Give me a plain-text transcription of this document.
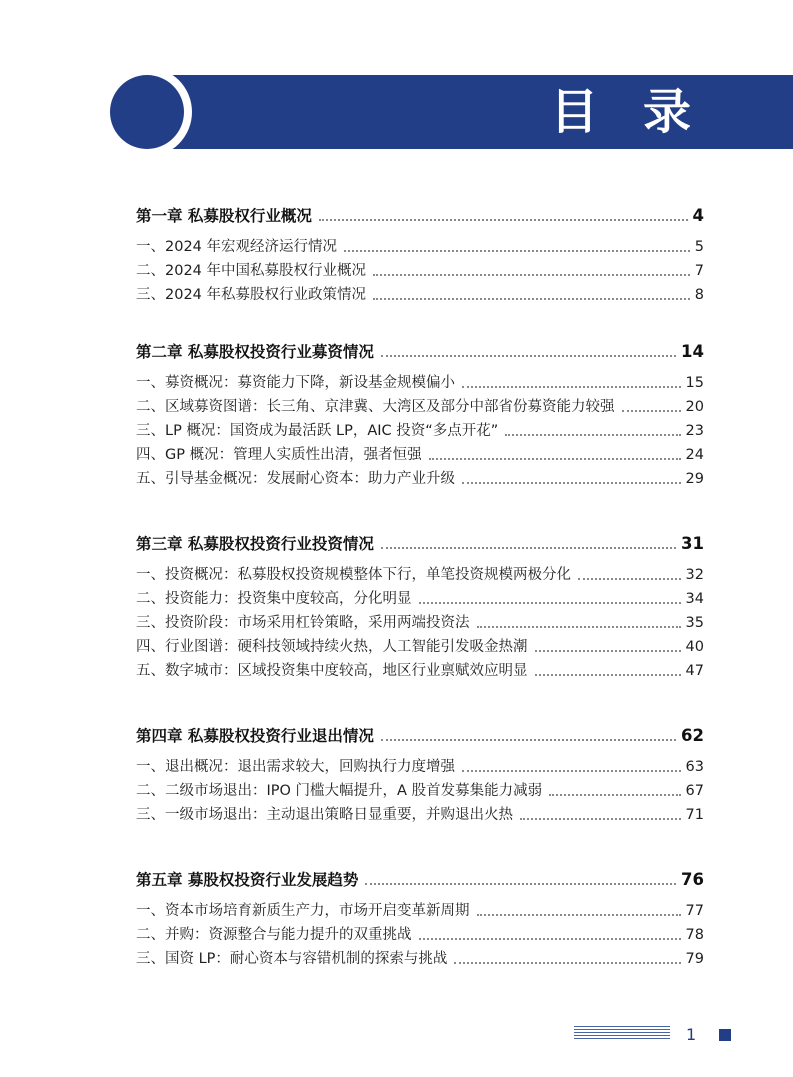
目 录
第一章 私募股权行业概况	4
一、2024 年宏观经济运行情况	5
二、2024 年中国私募股权行业概况	7
三、2024 年私募股权行业政策情况	8
第二章 私募股权投资行业募资情况	14
一、募资概况：募资能力下降，新设基金规模偏小	15
二、区域募资图谱：长三角、京津冀、大湾区及部分中部省份募资能力较强	20
三、LP 概况：国资成为最活跃 LP，AIC 投资“多点开花”	23
四、GP 概况：管理人实质性出清，强者恒强	24
五、引导基金概况：发展耐心资本：助力产业升级	29
第三章 私募股权投资行业投资情况	31
一、投资概况：私募股权投资规模整体下行，单笔投资规模两极分化	32
二、投资能力：投资集中度较高，分化明显	34
三、投资阶段：市场采用杠铃策略，采用两端投资法	35
四、行业图谱：硬科技领域持续火热，人工智能引发吸金热潮	40
五、数字城市：区域投资集中度较高，地区行业禀赋效应明显	47
第四章 私募股权投资行业退出情况	62
一、退出概况：退出需求较大，回购执行力度增强	63
二、二级市场退出：IPO 门槛大幅提升，A 股首发募集能力减弱	67
三、一级市场退出：主动退出策略日显重要，并购退出火热	71
第五章 募股权投资行业发展趋势	76
一、资本市场培育新质生产力，市场开启变革新周期	77
二、并购：资源整合与能力提升的双重挑战	78
三、国资 LP：耐心资本与容错机制的探索与挑战	79
1
